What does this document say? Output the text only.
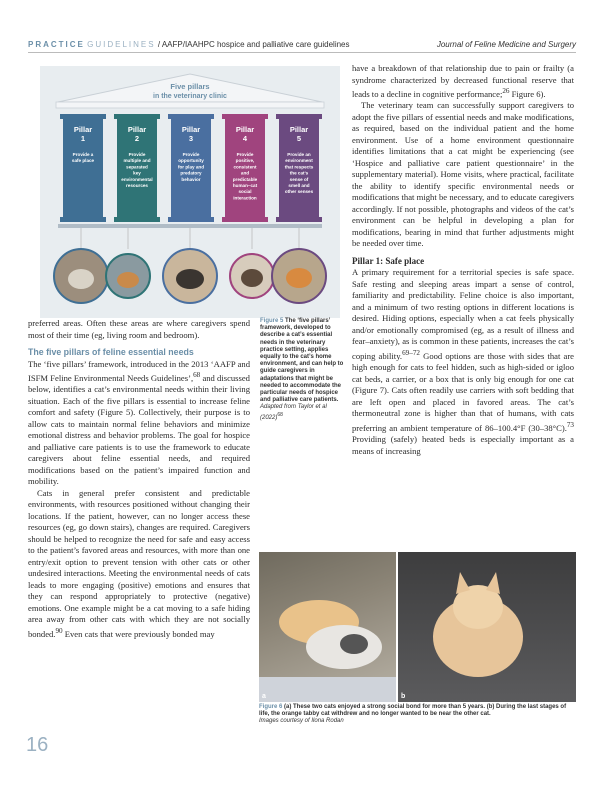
PRACTICE GUIDELINES / AAFP/IAAHPC hospice and palliative care guidelines	Journal of Feline Medicine and Surgery
Five pillars
in the veterinary clinic
Pillar
1
Provide a
safe place
Pillar
2
Provide
multiple and
separated
key
environmental
resources
Pillar
3
Provide
opportunity
for play and
predatory
behavior
Pillar
4
Provide
positive,
consistent
and
predictable
human–cat
social
interaction
Pillar
5
Provide an
environment
that respects
the cat's
sense of
smell and
other senses
Figure 5 The ‘five pillars’ framework, developed to describe a cat’s essential needs in the veterinary practice setting, applies equally to the cat’s home environment, and can help to guide caregivers in adaptations that might be needed to accommodate the particular needs of hospice and palliative care patients. Adapted from Taylor et al $(2022)^{68}$

preferred areas. Often these areas are where caregivers spend most of their time (eg, living room and bedroom).

The five pillars of feline essential needs

The ‘five pillars’ framework, introduced in the 2013 ‘AAFP and ISFM Feline Environmental Needs Guidelines’,$^{68}$ and discussed below, identifies a cat’s environmental needs within their living situation. Each of the five pillars is essential to increase feline comfort and safety (Figure 5). Collectively, their purpose is to allow cats to maintain normal feline behaviors and minimize emotional distress and behavior problems. The goal for hospice and palliative care patients is to use the framework to educate caregivers about feline essential needs, and required modifications based on the patient’s impaired function and mobility.

Cats in general prefer consistent and predictable environments, with resources positioned without changing their locations. If the patient, however, can no longer access these resources (eg, go down stairs), changes are required. Caregivers should be helped to recognize the need for safe and easy access to the patient’s favored areas and resources, with more than one entry/exit option to prevent tension with other cats or other undesired interactions. Meeting the environmental needs of cats leads to more engaging (positive) emotions and ensures that they can respond appropriately to protective (negative) emotions. One example might be a cat moving to a safe hiding area away from other cats with which they are not socially bonded.$^{90}$ Even cats that were previously bonded may

have a breakdown of that relationship due to pain or frailty (a syndrome characterized by decreased functional reserve that leads to a decline in cognitive performance;$^{26}$ Figure 6).

The veterinary team can successfully support caregivers to adopt the five pillars of essential needs and make modifications, as required, based on the individual patient and the home environment. Use of a home environment questionnaire identifies limitations that a cat might be experiencing (see ‘Hospice and palliative care patient questionnaire’ in the supplementary material). Home visits, where practical, facilitate the ability to identify specific environmental needs or modifications that might be necessary, and to educate caregivers accordingly. If not possible, photographs and videos of the cat’s environment can be helpful in developing a plan for modifications, bearing in mind that further adjustments might be needed over time.

Pillar 1: Safe place

A primary requirement for a territorial species is safe space. Safe resting and sleeping areas impart a sense of control, familiarity and predictability. Feline choice is also important, and a minimum of two resting options in different locations is desired. Hiding options, especially when a cat feels physically and/or emotionally compromised (eg, as a result of illness and fear–anxiety), as is common in these patients, increases the cat’s coping ability.$^{69-72}$ Good options are those with sides that are high enough for cats to feel hidden, such as high-sided or igloo cat beds, a carrier, or a box that is only big enough for one cat (Figure 7). Cats often readily use carriers with soft bedding that are left open and placed in favored areas. The cat’s thermoneutral zone is higher than that of humans, with cats preferring an ambient temperature of 86–100.4°F (30–38°C).$^{73}$ Providing (safely) heated beds is especially important as a means of increasing

a	b
Figure 6 (a) These two cats enjoyed a strong social bond for more than 5 years. (b) During the last stages of life, the orange tabby cat withdrew and no longer wanted to be near the other cat.
Images courtesy of Ilona Rodan
16
